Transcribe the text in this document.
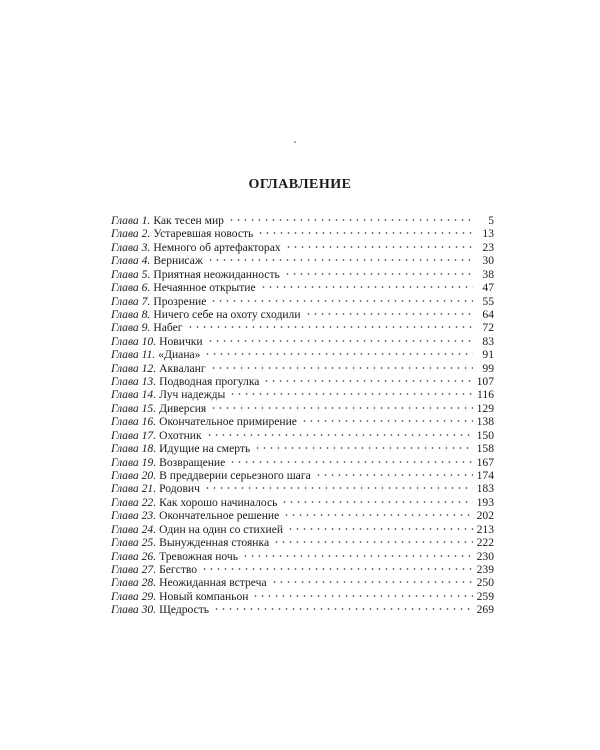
ОГЛАВЛЕНИЕ
Глава 1. Как тесен мир	5
Глава 2. Устаревшая новость	13
Глава 3. Немного об артефакторах	23
Глава 4. Вернисаж	30
Глава 5. Приятная неожиданность	38
Глава 6. Нечаянное открытие	47
Глава 7. Прозрение	55
Глава 8. Ничего себе на охоту сходили	64
Глава 9. Набег	72
Глава 10. Новички	83
Глава 11. «Диана»	91
Глава 12. Акваланг	99
Глава 13. Подводная прогулка	107
Глава 14. Луч надежды	116
Глава 15. Диверсия	129
Глава 16. Окончательное примирение	138
Глава 17. Охотник	150
Глава 18. Идущие на смерть	158
Глава 19. Возвращение	167
Глава 20. В преддверии серьезного шага	174
Глава 21. Родович	183
Глава 22. Как хорошо начиналось	193
Глава 23. Окончательное решение	202
Глава 24. Один на один со стихией	213
Глава 25. Вынужденная стоянка	222
Глава 26. Тревожная ночь	230
Глава 27. Бегство	239
Глава 28. Неожиданная встреча	250
Глава 29. Новый компаньон	259
Глава 30. Щедрость	269
